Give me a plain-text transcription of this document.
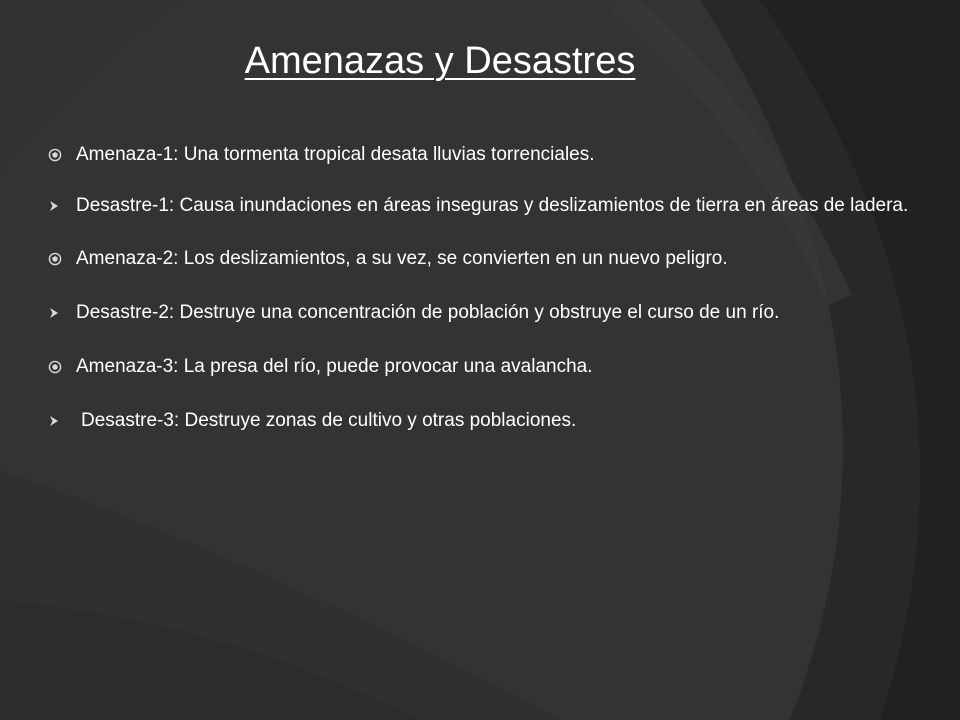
Amenazas y Desastres
Amenaza-1: Una tormenta tropical desata lluvias torrenciales.
Desastre-1: Causa inundaciones en áreas inseguras y deslizamientos de tierra en áreas de ladera.
Amenaza-2: Los deslizamientos, a su vez, se convierten en un nuevo peligro.
Desastre-2: Destruye una concentración de población y obstruye el curso de un río.
Amenaza-3: La presa del río, puede provocar una avalancha.
Desastre-3: Destruye zonas de cultivo y otras poblaciones.
